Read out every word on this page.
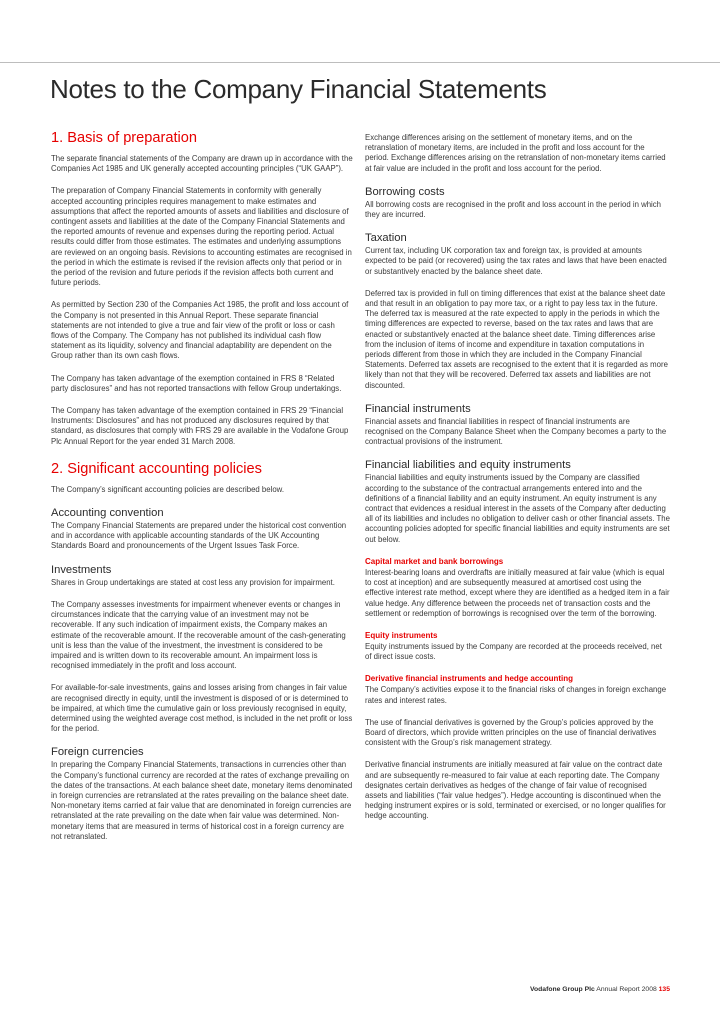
Notes to the Company Financial Statements
1. Basis of preparation

The separate financial statements of the Company are drawn up in accordance with the Companies Act 1985 and UK generally accepted accounting principles (“UK GAAP”).

The preparation of Company Financial Statements in conformity with generally accepted accounting principles requires management to make estimates and assumptions that affect the reported amounts of assets and liabilities and disclosure of contingent assets and liabilities at the date of the Company Financial Statements and the reported amounts of revenue and expenses during the reporting period. Actual results could differ from those estimates. The estimates and underlying assumptions are reviewed on an ongoing basis. Revisions to accounting estimates are recognised in the period in which the estimate is revised if the revision affects only that period or in the period of the revision and future periods if the revision affects both current and future periods.

As permitted by Section 230 of the Companies Act 1985, the profit and loss account of the Company is not presented in this Annual Report. These separate financial statements are not intended to give a true and fair view of the profit or loss or cash flows of the Company. The Company has not published its individual cash flow statement as its liquidity, solvency and financial adaptability are dependent on the Group rather than its own cash flows.

The Company has taken advantage of the exemption contained in FRS 8 “Related party disclosures” and has not reported transactions with fellow Group undertakings.

The Company has taken advantage of the exemption contained in FRS 29 “Financial Instruments: Disclosures” and has not produced any disclosures required by that standard, as disclosures that comply with FRS 29 are available in the Vodafone Group Plc Annual Report for the year ended 31 March 2008.

2. Significant accounting policies

The Company’s significant accounting policies are described below.

Accounting convention

The Company Financial Statements are prepared under the historical cost convention and in accordance with applicable accounting standards of the UK Accounting Standards Board and pronouncements of the Urgent Issues Task Force.

Investments

Shares in Group undertakings are stated at cost less any provision for impairment.

The Company assesses investments for impairment whenever events or changes in circumstances indicate that the carrying value of an investment may not be recoverable. If any such indication of impairment exists, the Company makes an estimate of the recoverable amount. If the recoverable amount of the cash-generating unit is less than the value of the investment, the investment is considered to be impaired and is written down to its recoverable amount. An impairment loss is recognised immediately in the profit and loss account.

For available-for-sale investments, gains and losses arising from changes in fair value are recognised directly in equity, until the investment is disposed of or is determined to be impaired, at which time the cumulative gain or loss previously recognised in equity, determined using the weighted average cost method, is included in the net profit or loss for the period.

Foreign currencies

In preparing the Company Financial Statements, transactions in currencies other than the Company’s functional currency are recorded at the rates of exchange prevailing on the dates of the transactions. At each balance sheet date, monetary items denominated in foreign currencies are retranslated at the rates prevailing on the balance sheet date. Non-monetary items carried at fair value that are denominated in foreign currencies are retranslated at the rate prevailing on the date when fair value was determined. Non-monetary items that are measured in terms of historical cost in a foreign currency are not retranslated.

Exchange differences arising on the settlement of monetary items, and on the retranslation of monetary items, are included in the profit and loss account for the period. Exchange differences arising on the retranslation of non-monetary items carried at fair value are included in the profit and loss account for the period.

Borrowing costs

All borrowing costs are recognised in the profit and loss account in the period in which they are incurred.

Taxation

Current tax, including UK corporation tax and foreign tax, is provided at amounts expected to be paid (or recovered) using the tax rates and laws that have been enacted or substantively enacted by the balance sheet date.

Deferred tax is provided in full on timing differences that exist at the balance sheet date and that result in an obligation to pay more tax, or a right to pay less tax in the future. The deferred tax is measured at the rate expected to apply in the periods in which the timing differences are expected to reverse, based on the tax rates and laws that are enacted or substantively enacted at the balance sheet date. Timing differences arise from the inclusion of items of income and expenditure in taxation computations in periods different from those in which they are included in the Company Financial Statements. Deferred tax assets are recognised to the extent that it is regarded as more likely than not that they will be recovered. Deferred tax assets and liabilities are not discounted.

Financial instruments

Financial assets and financial liabilities in respect of financial instruments are recognised on the Company Balance Sheet when the Company becomes a party to the contractual provisions of the instrument.

Financial liabilities and equity instruments

Financial liabilities and equity instruments issued by the Company are classified according to the substance of the contractual arrangements entered into and the definitions of a financial liability and an equity instrument. An equity instrument is any contract that evidences a residual interest in the assets of the Company after deducting all of its liabilities and includes no obligation to deliver cash or other financial assets. The accounting policies adopted for specific financial liabilities and equity instruments are set out below.

Capital market and bank borrowings

Interest-bearing loans and overdrafts are initially measured at fair value (which is equal to cost at inception) and are subsequently measured at amortised cost using the effective interest rate method, except where they are identified as a hedged item in a fair value hedge. Any difference between the proceeds net of transaction costs and the settlement or redemption of borrowings is recognised over the term of the borrowing.

Equity instruments

Equity instruments issued by the Company are recorded at the proceeds received, net of direct issue costs.

Derivative financial instruments and hedge accounting

The Company’s activities expose it to the financial risks of changes in foreign exchange rates and interest rates.

The use of financial derivatives is governed by the Group’s policies approved by the Board of directors, which provide written principles on the use of financial derivatives consistent with the Group’s risk management strategy.

Derivative financial instruments are initially measured at fair value on the contract date and are subsequently re-measured to fair value at each reporting date. The Company designates certain derivatives as hedges of the change of fair value of recognised assets and liabilities (“fair value hedges”). Hedge accounting is discontinued when the hedging instrument expires or is sold, terminated or exercised, or no longer qualifies for hedge accounting.

Vodafone Group Plc Annual Report 2008 135
